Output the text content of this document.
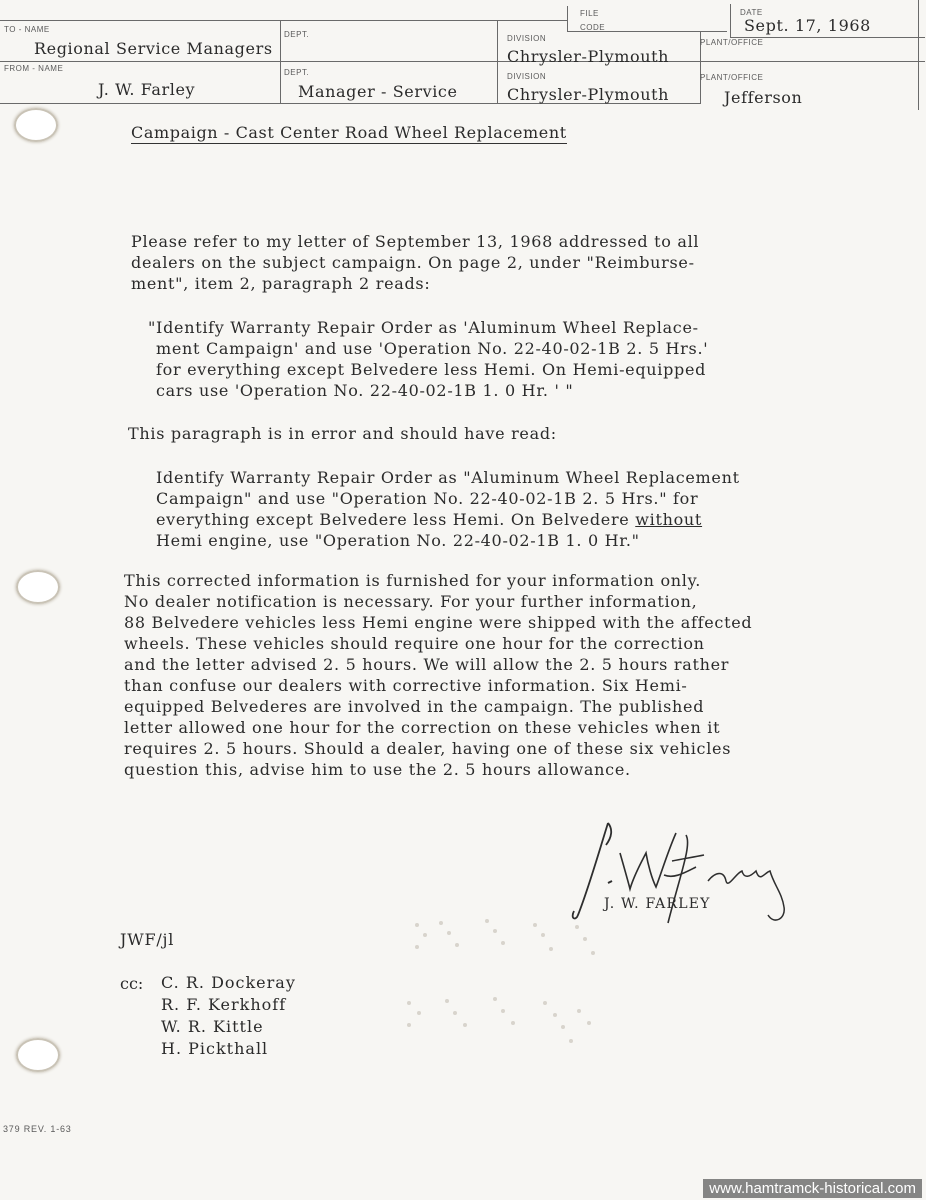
TO - NAME
Regional Service Managers
FROM - NAME
J. W. Farley
DEPT.
DEPT.
Manager - Service
DIVISION
Chrysler-Plymouth
DIVISION
Chrysler-Plymouth
FILE
CODE
PLANT/OFFICE
PLANT/OFFICE
Jefferson
DATE
Sept. 17, 1968
Campaign - Cast Center Road Wheel Replacement

Please refer to my letter of September 13, 1968 addressed to all
dealers on the subject campaign. On page 2, under "Reimburse-
ment", item 2, paragraph 2 reads:

"Identify Warranty Repair Order as 'Aluminum Wheel Replace-
ment Campaign' and use 'Operation No. 22-40-02-1B 2. 5 Hrs.'
for everything except Belvedere less Hemi. On Hemi-equipped
cars use 'Operation No. 22-40-02-1B 1. 0 Hr. ' "

This paragraph is in error and should have read:

Identify Warranty Repair Order as "Aluminum Wheel Replacement
Campaign" and use "Operation No. 22-40-02-1B 2. 5 Hrs." for
everything except Belvedere less Hemi. On Belvedere without
Hemi engine, use "Operation No. 22-40-02-1B 1. 0 Hr."

This corrected information is furnished for your information only.
No dealer notification is necessary. For your further information,
88 Belvedere vehicles less Hemi engine were shipped with the affected
wheels. These vehicles should require one hour for the correction
and the letter advised 2. 5 hours. We will allow the 2. 5 hours rather
than confuse our dealers with corrective information. Six Hemi-
equipped Belvederes are involved in the campaign. The published
letter allowed one hour for the correction on these vehicles when it
requires 2. 5 hours. Should a dealer, having one of these six vehicles
question this, advise him to use the 2. 5 hours allowance.

J. W. FARLEY
JWF/jl
cc: C. R. Dockeray
R. F. Kerkhoff
W. R. Kittle
H. Pickthall
379 REV. 1-63
www.hamtramck-historical.com
